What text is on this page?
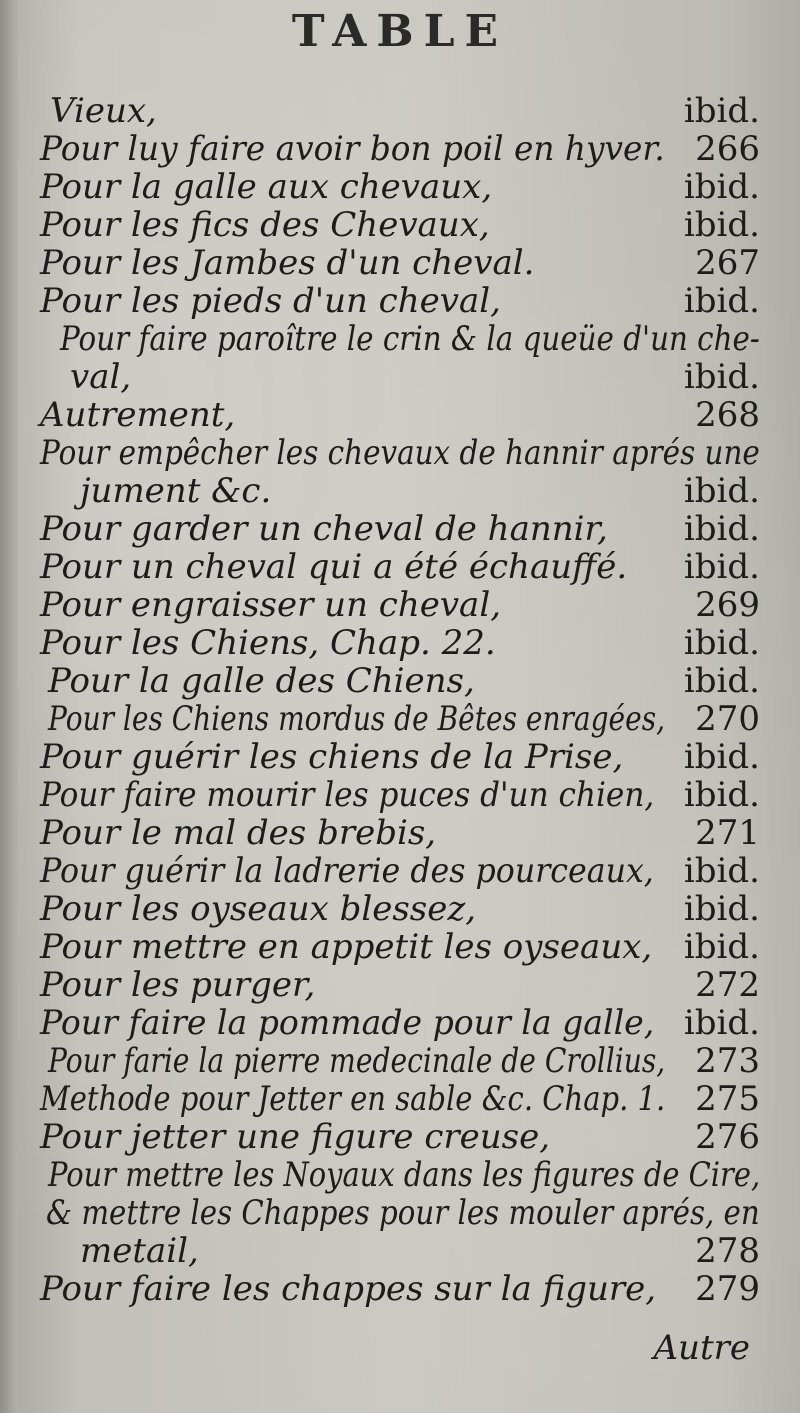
TABLE
Vieux,	ibid.
Pour luy faire avoir bon poil en hyver. 266
Pour la galle aux chevaux,	ibid.
Pour les fics des Chevaux,	ibid.
Pour les Jambes d'un cheval.	267
Pour les pieds d'un cheval,	ibid.
Pour faire paroître le crin & la queüe d'un che-
val,	ibid.
Autrement,	268
Pour empêcher les chevaux de hannir aprés une
jument &c.	ibid.
Pour garder un cheval de hannir, ibid.
Pour un cheval qui a été échauffé. ibid.
Pour engraisser un cheval,	269
Pour les Chiens, Chap. 22.	ibid.
Pour la galle des Chiens,	ibid.
Pour les Chiens mordus de Bêtes enragées, 270
Pour guérir les chiens de la Prise, ibid.
Pour faire mourir les puces d'un chien, ibid.
Pour le mal des brebis,	271
Pour guérir la ladrerie des pourceaux, ibid.
Pour les oyseaux blessez,	ibid.
Pour mettre en appetit les oyseaux, ibid.
Pour les purger,	272
Pour faire la pommade pour la galle, ibid.
Pour farie la pierre medecinale de Crollius, 273
Methode pour Jetter en sable &c. Chap. 1. 275
Pour jetter une figure creuse,	276
Pour mettre les Noyaux dans les figures de Cire,
& mettre les Chappes pour les mouler aprés, en
metail,	278
Pour faire les chappes sur la figure, 279
Autre
